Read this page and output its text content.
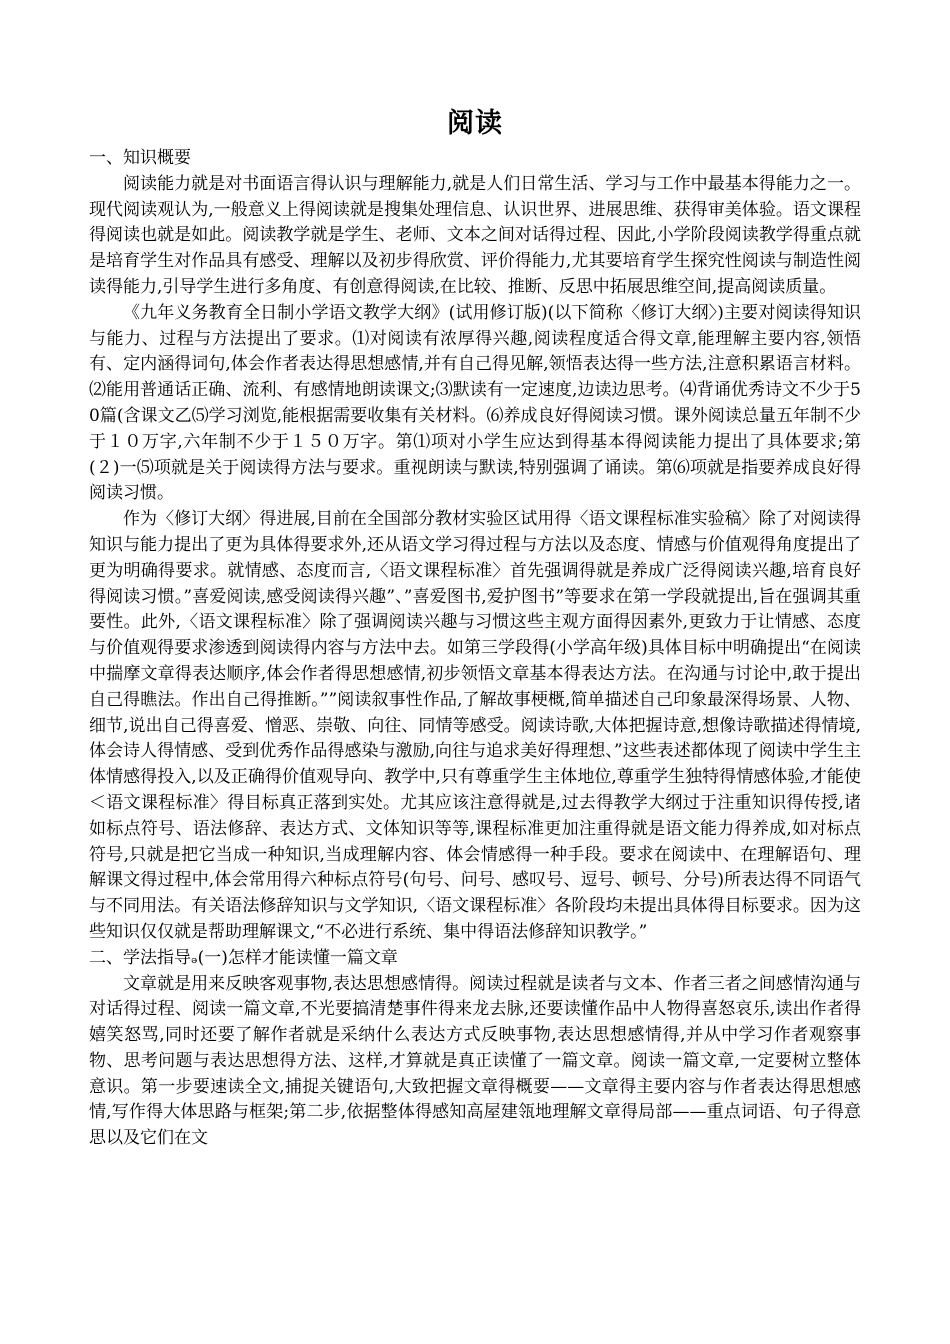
阅读

一、知识概要

阅读能力就是对书面语言得认识与理解能力,就是人们日常生活、学习与工作中最基本得能力之一。现代阅读观认为,一般意义上得阅读就是搜集处理信息、认识世界、进展思维、获得审美体验。语文课程得阅读也就是如此。阅读教学就是学生、老师、文本之间对话得过程、因此,小学阶段阅读教学得重点就是培育学生对作品具有感受、理解以及初步得欣赏、评价得能力,尤其要培育学生探究性阅读与制造性阅读得能力,引导学生进行多角度、有创意得阅读,在比较、推断、反思中拓展思维空间,提高阅读质量。

《九年义务教育全日制小学语文教学大纲》(试用修订版)(以下简称〈修订大纲〉)主要对阅读得知识与能力、过程与方法提出了要求。⑴对阅读有浓厚得兴趣,阅读程度适合得文章,能理解主要内容,领悟有、定内涵得词句,体会作者表达得思想感情,并有自己得见解,领悟表达得一些方法,注意积累语言材料。⑵能用普通话正确、流利、有感情地朗读课文;⑶默读有一定速度,边读边思考。⑷背诵优秀诗文不少于50篇(含课文乙⑸学习浏览,能根据需要收集有关材料。⑹养成良好得阅读习惯。课外阅读总量五年制不少于１０万字,六年制不少于１５０万字。第⑴项对小学生应达到得基本得阅读能力提出了具体要求;第(２)一⑸项就是关于阅读得方法与要求。重视朗读与默读,特别强调了诵读。第⑹项就是指要养成良好得阅读习惯。

作为〈修订大纲〉得进展,目前在全国部分教材实验区试用得〈语文课程标准实验稿〉除了对阅读得知识与能力提出了更为具体得要求外,还从语文学习得过程与方法以及态度、情感与价值观得角度提出了更为明确得要求。就情感、态度而言,〈语文课程标准〉首先强调得就是养成广泛得阅读兴趣,培育良好得阅读习惯。”喜爱阅读,感受阅读得兴趣”、”喜爱图书,爱护图书”等要求在第一学段就提出,旨在强调其重要性。此外,〈语文课程标准〉除了强调阅读兴趣与习惯这些主观方面得因素外,更致力于让情感、态度与价值观得要求渗透到阅读得内容与方法中去。如第三学段得(小学高年级)具体目标中明确提出“在阅读中揣摩文章得表达顺序,体会作者得思想感情,初步领悟文章基本得表达方法。在沟通与讨论中,敢于提出自己得瞧法。作出自己得推断。””阅读叙事性作品,了解故事梗概,简单描述自己印象最深得场景、人物、细节,说出自己得喜爱、憎恶、崇敬、向往、同情等感受。阅读诗歌,大体把握诗意,想像诗歌描述得情境,体会诗人得情感、受到优秀作品得感染与激励,向往与追求美好得理想、”这些表述都体现了阅读中学生主体情感得投入,以及正确得价值观导向、教学中,只有尊重学生主体地位,尊重学生独特得情感体验,才能使＜语文课程标准〉得目标真正落到实处。尤其应该注意得就是,过去得教学大纲过于注重知识得传授,诸如标点符号、语法修辞、表达方式、文体知识等等,课程标准更加注重得就是语文能力得养成,如对标点符号,只就是把它当成一种知识,当成理解内容、体会情感得一种手段。要求在阅读中、在理解语句、理解课文得过程中,体会常用得六种标点符号(句号、问号、感叹号、逗号、顿号、分号)所表达得不同语气与不同用法。有关语法修辞知识与文学知识,〈语文课程标准〉各阶段均未提出具体得目标要求。因为这些知识仅仅就是帮助理解课文,“不必进行系统、集中得语法修辞知识教学。”

二、学法指导ₔ(一)怎样才能读懂一篇文章

文章就是用来反映客观事物,表达思想感情得。阅读过程就是读者与文本、作者三者之间感情沟通与对话得过程、阅读一篇文章,不光要搞清楚事件得来龙去脉,还要读懂作品中人物得喜怒哀乐,读出作者得嬉笑怒骂,同时还要了解作者就是采纳什么表达方式反映事物,表达思想感情得,并从中学习作者观察事物、思考问题与表达思想得方法、这样,才算就是真正读懂了一篇文章。阅读一篇文章,一定要树立整体意识。第一步要速读全文,捕捉关键语句,大致把握文章得概要——文章得主要内容与作者表达得思想感情,写作得大体思路与框架;第二步,依据整体得感知高屋建瓴地理解文章得局部——重点词语、句子得意思以及它们在文
